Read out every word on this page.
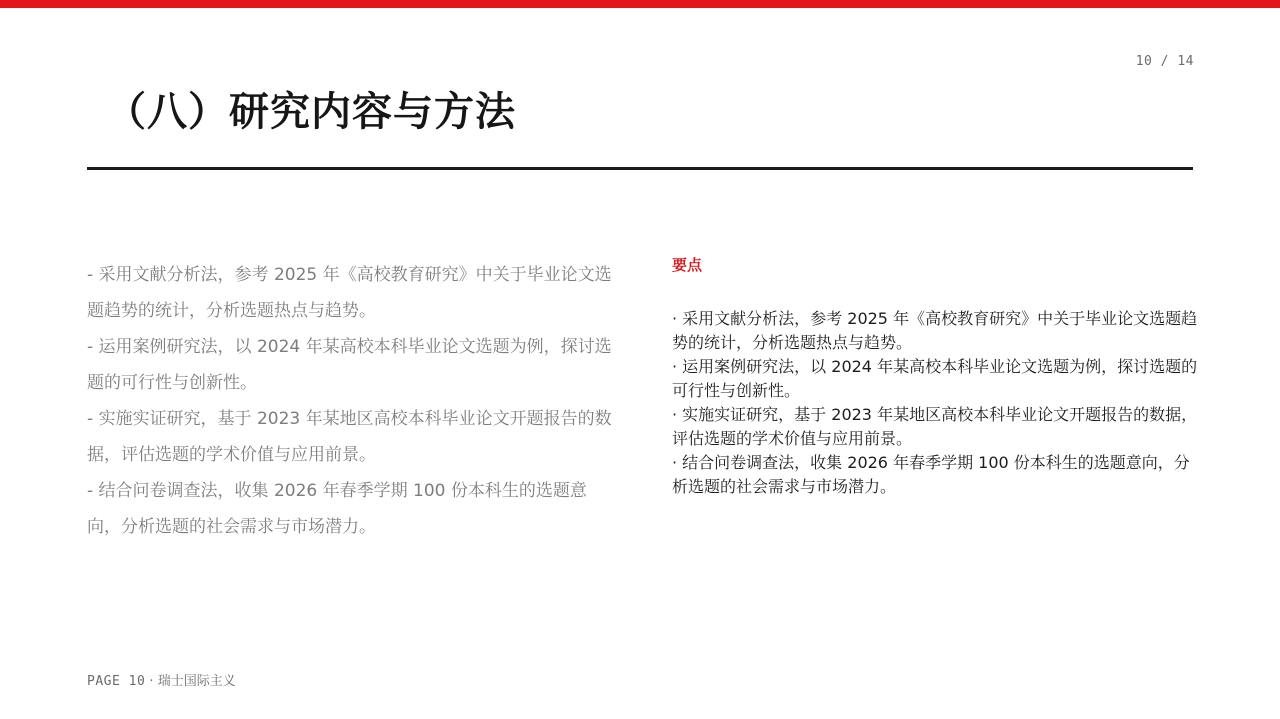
10 / 14
（八）研究内容与方法
- 采用文献分析法，参考 2025 年《高校教育研究》中关于毕业论文选题趋势的统计，分析选题热点与趋势。
- 运用案例研究法，以 2024 年某高校本科毕业论文选题为例，探讨选题的可行性与创新性。
- 实施实证研究，基于 2023 年某地区高校本科毕业论文开题报告的数据，评估选题的学术价值与应用前景。
- 结合问卷调查法，收集 2026 年春季学期 100 份本科生的选题意向，分析选题的社会需求与市场潜力。
要点
· 采用文献分析法，参考 2025 年《高校教育研究》中关于毕业论文选题趋势的统计，分析选题热点与趋势。
· 运用案例研究法，以 2024 年某高校本科毕业论文选题为例，探讨选题的可行性与创新性。
· 实施实证研究，基于 2023 年某地区高校本科毕业论文开题报告的数据，评估选题的学术价值与应用前景。
· 结合问卷调查法，收集 2026 年春季学期 100 份本科生的选题意向，分析选题的社会需求与市场潜力。
PAGE 10 · 瑞士国际主义
